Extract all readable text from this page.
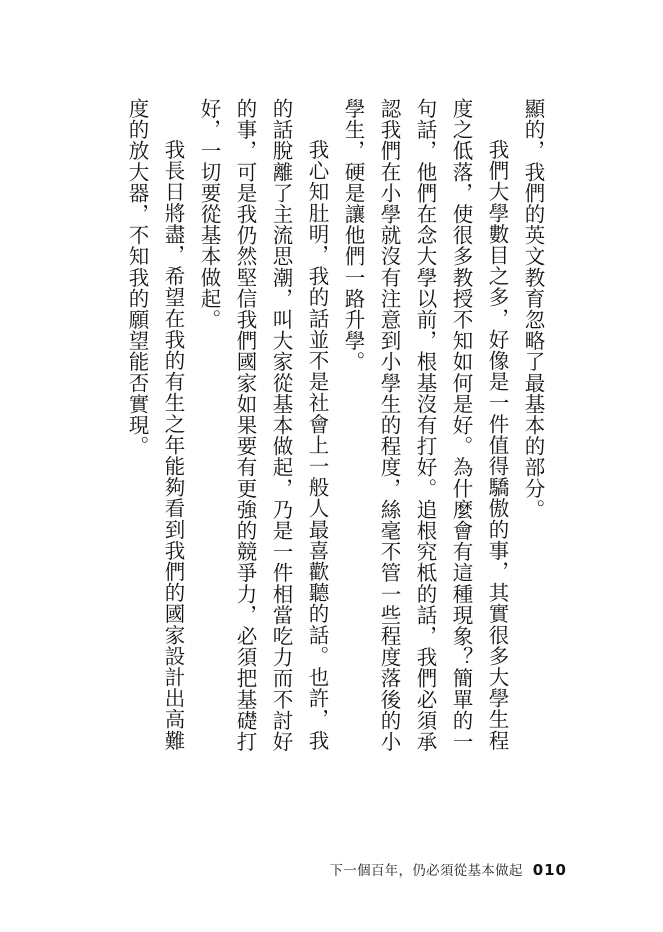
顯的，我們的英文教育忽略了最基本的部分。
我們大學數目之多，好像是一件值得驕傲的事，其實很多大學生程
度之低落，使很多教授不知如何是好。為什麼會有這種現象？簡單的一
句話，他們在念大學以前，根基沒有打好。追根究柢的話，我們必須承
認我們在小學就沒有注意到小學生的程度，絲毫不管一些程度落後的小
學生，硬是讓他們一路升學。
我心知肚明，我的話並不是社會上一般人最喜歡聽的話。也許，我
的話脫離了主流思潮，叫大家從基本做起，乃是一件相當吃力而不討好
的事，可是我仍然堅信我們國家如果要有更強的競爭力，必須把基礎打
好，一切要從基本做起。
我長日將盡，希望在我的有生之年能夠看到我們的國家設計出高難
度的放大器，不知我的願望能否實現。
下一個百年，仍必須從基本做起 010
